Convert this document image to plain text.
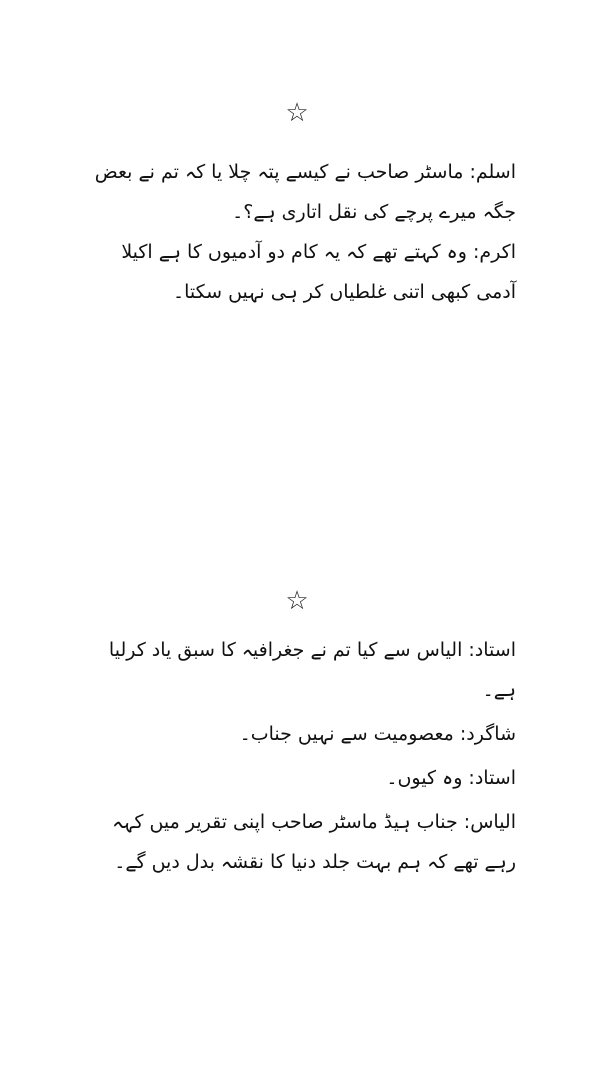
☆

اسلم: ماسٹر صاحب نے کیسے پتہ چلا یا کہ تم نے بعض جگہ میرے پرچے کی نقل اتاری ہے؟۔

اکرم: وہ کہتے تھے کہ یہ کام دو آدمیوں کا ہے اکیلا آدمی کبھی اتنی غلطیاں کر ہی نہیں سکتا۔

☆

استاد: الیاس سے کیا تم نے جغرافیہ کا سبق یاد کرلیا ہے۔

شاگرد: معصومیت سے نہیں جناب۔

استاد: وہ کیوں۔

الیاس: جناب ہیڈ ماسٹر صاحب اپنی تقریر میں کہہ رہے تھے کہ ہم بہت جلد دنیا کا نقشہ بدل دیں گے۔
